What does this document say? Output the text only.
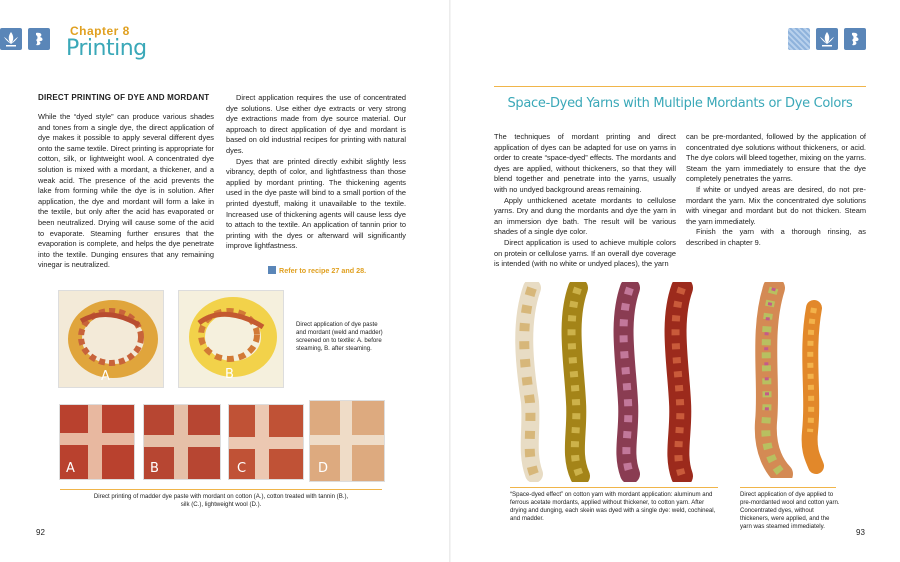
Chapter 8
Printing
DIRECT PRINTING OF DYE AND MORDANT

While the “dyed style” can produce various shades and tones from a single dye, the direct application of dye makes it possible to apply several different dyes onto the same textile. Direct printing is appropriate for cotton, silk, or lightweight wool. A concentrated dye solution is mixed with a mordant, a thickener, and a weak acid. The presence of the acid prevents the lake from forming while the dye is in solution. After application, the dye and mordant will form a lake in the textile, but only after the acid has evaporated or been neutralized. Drying will cause some of the acid to evaporate. Steaming further ensures that the evaporation is complete, and helps the dye penetrate into the textile. Dunging ensures that any remaining vinegar is neutralized.

Direct application requires the use of concentrated dye solutions. Use either dye extracts or very strong dye extractions made from dye source material. Our approach to direct application of dye and mordant is based on old industrial recipes for printing with natural dyes.

Dyes that are printed directly exhibit slightly less vibrancy, depth of color, and lightfastness than those applied by mordant printing. The thickening agents used in the dye paste will bind to a small portion of the printed dyestuff, making it unavailable to the textile. Increased use of thickening agents will cause less dye to attach to the textile. An application of tannin prior to printing with the dyes or afterward will significantly improve lightfastness.

Refer to recipe 27 and 28.
A	B
Direct application of dye paste and mordant (weld and madder) screened on to textile: A. before steaming, B. after steaming.
A	B	C	D
Direct printing of madder dye paste with mordant on cotton (A.), cotton treated with tannin (B.), silk (C.), lightweight wool (D.).
92
Space-Dyed Yarns with Multiple Mordants or Dye Colors

The techniques of mordant printing and direct application of dyes can be adapted for use on yarns in order to create “space-dyed” effects. The mordants and dyes are applied, without thickeners, so that they will blend together and penetrate into the yarns, usually with no undyed background areas remaining.

Apply unthickened acetate mordants to cellulose yarns. Dry and dung the mordants and dye the yarn in an immersion dye bath. The result will be various shades of a single dye color.

Direct application is used to achieve multiple colors on protein or cellulose yarns. If an overall dye coverage is intended (with no white or undyed places), the yarn

can be pre-mordanted, followed by the application of concentrated dye solutions without thickeners, or acid. The dye colors will bleed together, mixing on the yarns. Steam the yarn immediately to ensure that the dye completely penetrates the yarns.

If white or undyed areas are desired, do not pre-mordant the yarn. Mix the concentrated dye solutions with vinegar and mordant but do not thicken. Steam the yarn immediately.

Finish the yarn with a thorough rinsing, as described in chapter 9.

“Space-dyed effect” on cotton yarn with mordant application: aluminum and ferrous acetate mordants, applied without thickener, to cotton yarn. After drying and dunging, each skein was dyed with a single dye: weld, cochineal, and madder.
Direct application of dye applied to pre-mordanted wool and cotton yarn. Concentrated dyes, without thickeners, were applied, and the yarn was steamed immediately.
93
